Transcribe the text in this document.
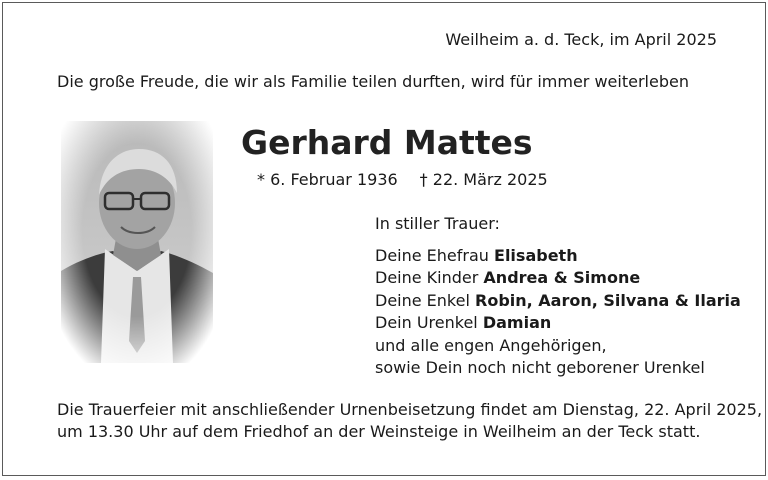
Weilheim a. d. Teck, im April 2025
Die große Freude, die wir als Familie teilen durften, wird für immer weiterleben
Gerhard Mattes
* 6. Februar 1936 † 22. März 2025
In stiller Trauer:
Deine Ehefrau Elisabeth
Deine Kinder Andrea & Simone
Deine Enkel Robin, Aaron, Silvana & Ilaria
Dein Urenkel Damian
und alle engen Angehörigen,
sowie Dein noch nicht geborener Urenkel
Die Trauerfeier mit anschließender Urnenbeisetzung findet am Dienstag, 22. April 2025,
um 13.30 Uhr auf dem Friedhof an der Weinsteige in Weilheim an der Teck statt.
